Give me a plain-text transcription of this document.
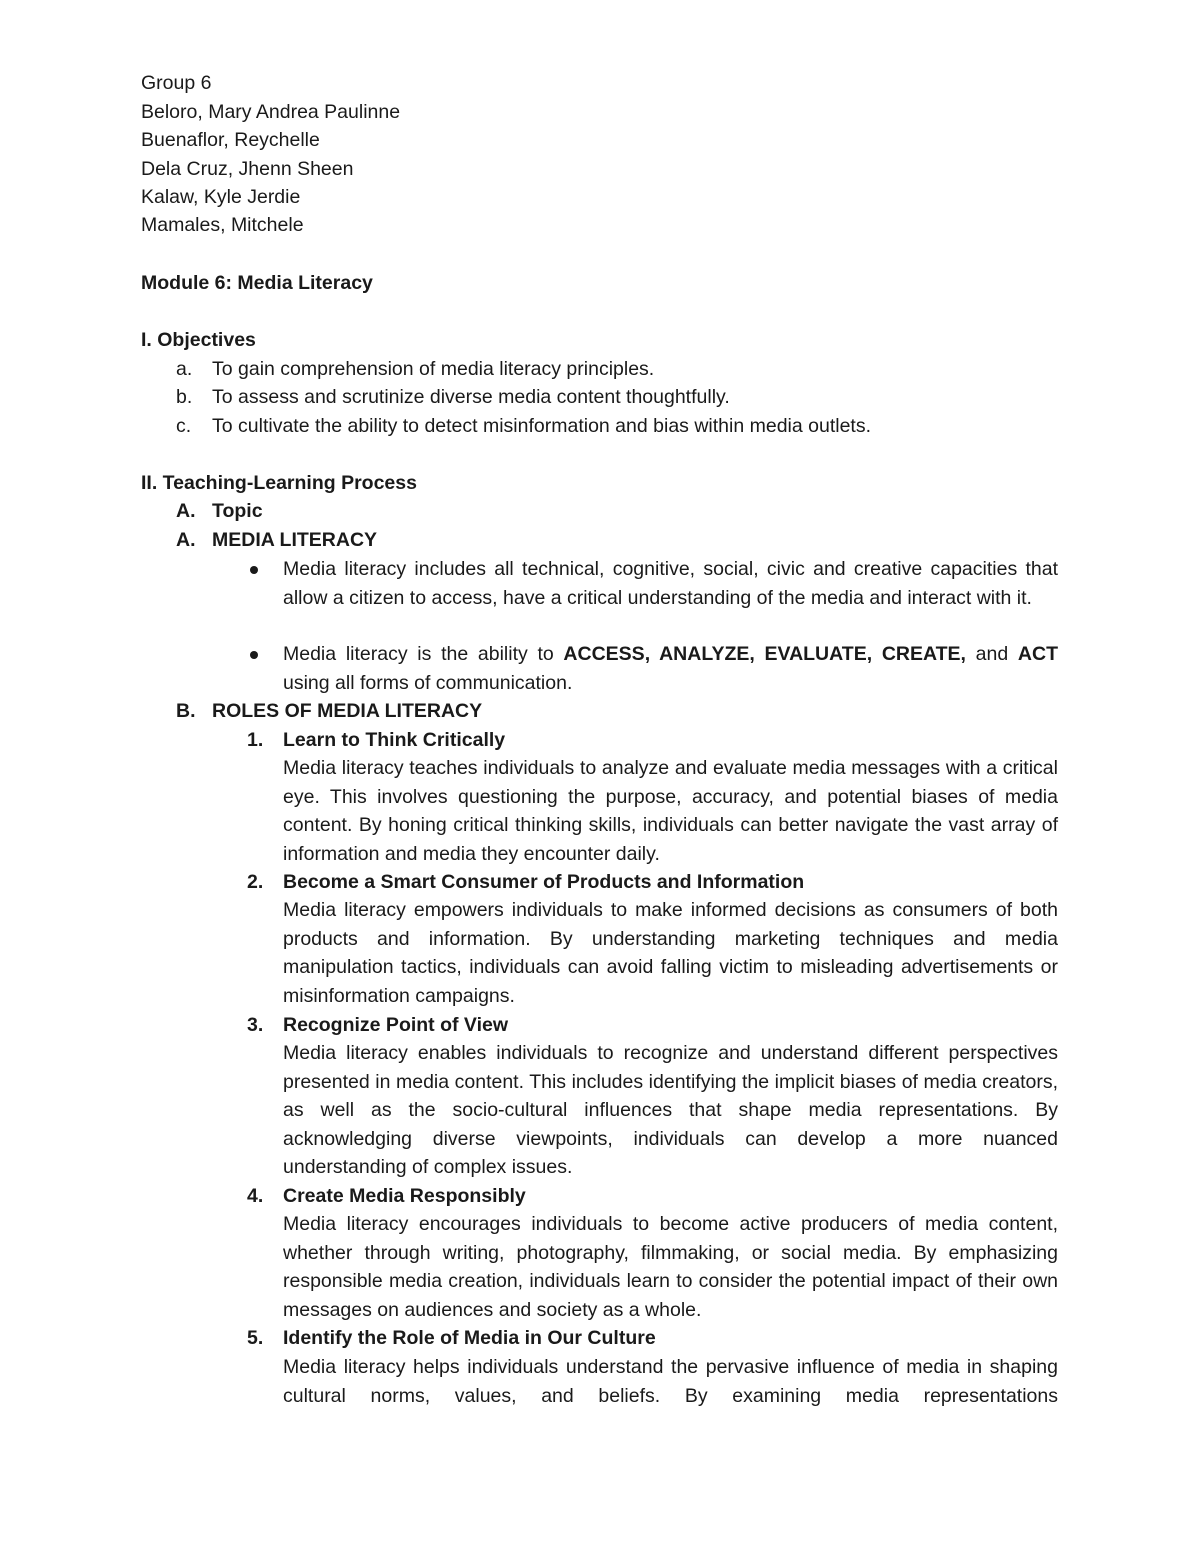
Group 6
Beloro, Mary Andrea Paulinne
Buenaflor, Reychelle
Dela Cruz, Jhenn Sheen
Kalaw, Kyle Jerdie
Mamales, Mitchele
Module 6: Media Literacy
I. Objectives
a. To gain comprehension of media literacy principles.
b. To assess and scrutinize diverse media content thoughtfully.
c. To cultivate the ability to detect misinformation and bias within media outlets.
II. Teaching-Learning Process
A. Topic
A. MEDIA LITERACY
Media literacy includes all technical, cognitive, social, civic and creative capacities that allow a citizen to access, have a critical understanding of the media and interact with it.
Media literacy is the ability to ACCESS, ANALYZE, EVALUATE, CREATE, and ACT using all forms of communication.
B. ROLES OF MEDIA LITERACY
1. Learn to Think Critically
Media literacy teaches individuals to analyze and evaluate media messages with a critical eye. This involves questioning the purpose, accuracy, and potential biases of media content. By honing critical thinking skills, individuals can better navigate the vast array of information and media they encounter daily.
2. Become a Smart Consumer of Products and Information
Media literacy empowers individuals to make informed decisions as consumers of both products and information. By understanding marketing techniques and media manipulation tactics, individuals can avoid falling victim to misleading advertisements or misinformation campaigns.
3. Recognize Point of View
Media literacy enables individuals to recognize and understand different perspectives presented in media content. This includes identifying the implicit biases of media creators, as well as the socio-cultural influences that shape media representations. By acknowledging diverse viewpoints, individuals can develop a more nuanced understanding of complex issues.
4. Create Media Responsibly
Media literacy encourages individuals to become active producers of media content, whether through writing, photography, filmmaking, or social media. By emphasizing responsible media creation, individuals learn to consider the potential impact of their own messages on audiences and society as a whole.
5. Identify the Role of Media in Our Culture
Media literacy helps individuals understand the pervasive influence of media in shaping cultural norms, values, and beliefs. By examining media representations
